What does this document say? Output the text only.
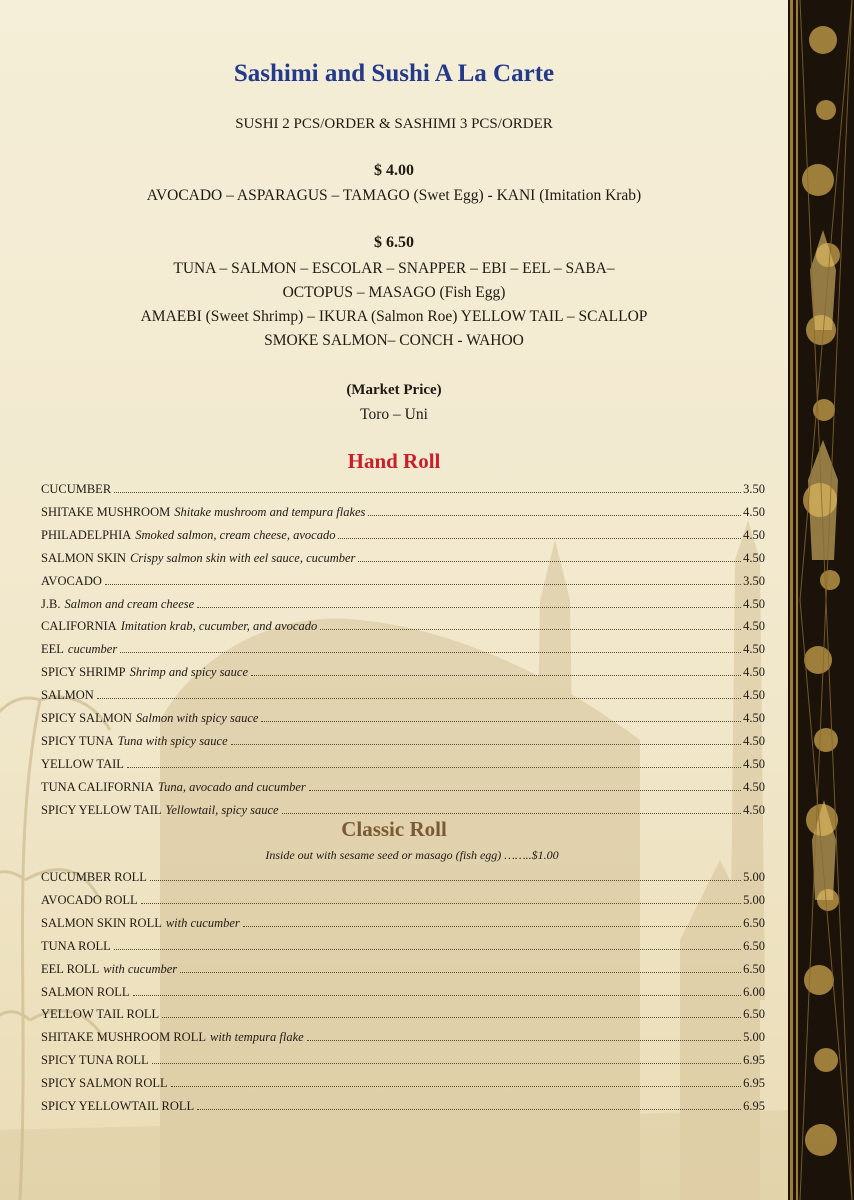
Sashimi and Sushi A La Carte
SUSHI 2 PCS/ORDER & SASHIMI 3 PCS/ORDER
$ 4.00
AVOCADO – ASPARAGUS – TAMAGO (Swet Egg) - KANI (Imitation Krab)
$ 6.50
TUNA – SALMON – ESCOLAR – SNAPPER – EBI – EEL – SABA–
OCTOPUS – MASAGO (Fish Egg)
AMAEBI (Sweet Shrimp) – IKURA (Salmon Roe) YELLOW TAIL – SCALLOP
SMOKE SALMON– CONCH - WAHOO
(Market Price)
Toro – Uni
Hand Roll
CUCUMBER	3.50
SHITAKE MUSHROOM Shitake mushroom and tempura flakes	4.50
PHILADELPHIA Smoked salmon, cream cheese, avocado	4.50
SALMON SKIN Crispy salmon skin with eel sauce, cucumber	4.50
AVOCADO	3.50
J.B. Salmon and cream cheese	4.50
CALIFORNIA Imitation krab, cucumber, and avocado	4.50
EEL cucumber	4.50
SPICY SHRIMP Shrimp and spicy sauce	4.50
SALMON	4.50
SPICY SALMON Salmon with spicy sauce	4.50
SPICY TUNA Tuna with spicy sauce	4.50
YELLOW TAIL	4.50
TUNA CALIFORNIA Tuna, avocado and cucumber	4.50
SPICY YELLOW TAIL Yellowtail, spicy sauce	4.50
Classic Roll
Inside out with sesame seed or masago (fish egg) ……..$1.00
CUCUMBER ROLL	5.00
AVOCADO ROLL	5.00
SALMON SKIN ROLL with cucumber	6.50
TUNA ROLL	6.50
EEL ROLL with cucumber	6.50
SALMON ROLL	6.00
YELLOW TAIL ROLL	6.50
SHITAKE MUSHROOM ROLL with tempura flake	5.00
SPICY TUNA ROLL	6.95
SPICY SALMON ROLL	6.95
SPICY YELLOWTAIL ROLL	6.95
